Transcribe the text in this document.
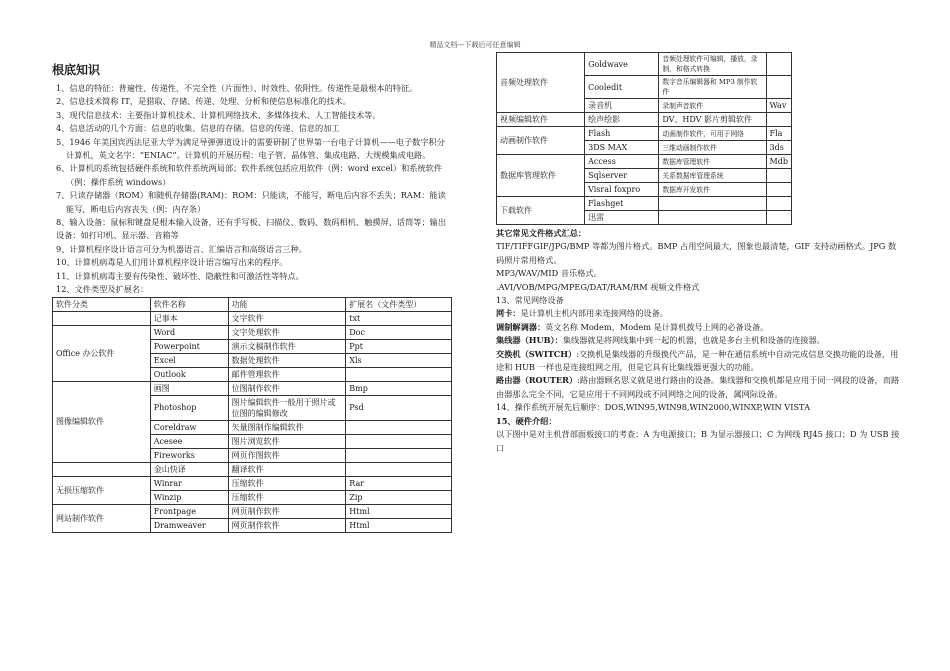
精品文档---下载后可任意编辑
根底知识
1、信息的特征：普遍性、传递性、不完全性（片面性）、时效性、依附性。传递性是最根本的特征。
2、信息技术简称 IT，是猎取、存储、传递、处理、分析和使信息标准化的技术。
3、现代信息技术：主要指计算机技术、计算机网络技术、多媒体技术、人工智能技术等。
4、信息活动的几个方面：信息的收集、信息的存储、信息的传递、信息的加工
5、1946 年美国宾西法尼亚大学为满足导弹弹道设计的需要研制了世界第一台电子计算机——电子数字积分计算机，英文名字：“ENIAC”。计算机的开展历程：电子管、晶体管、集成电路、大规模集成电路。
6、计算机的系统包括硬件系统和软件系统两局部；软件系统包括应用软件（例：word excel）和系统软件（例：操作系统 windows）
7、只读存储器（ROM）和随机存储器(RAM)：ROM：只能读，不能写，断电后内容不丢失；RAM：能读能写，断电后内容丧失（例：内存条）
8、输入设备：鼠标和键盘是根本输入设备，还有手写板、扫描仪、数码、数码相机、触摸屏、话筒等；输出设备：如打印机、显示器、音箱等
9、计算机程序设计语言可分为机器语言、汇编语言和高级语言三种。
10、计算机病毒是人们用计算机程序设计语言编写出来的程序。
11、计算机病毒主要有传染性、破坏性、隐蔽性和可激活性等特点。
12、文件类型及扩展名：
软件分类	软件名称	功能	扩展名（文件类型）
	记事本	文字软件	txt
Office 办公软件	Word	文字处理软件	Doc
	Powerpoint	演示文稿制作软件	Ppt
	Excel	数据处理软件	Xls
	Outlook	邮件管理软件	
图像编辑软件	画图	位图制作软件	Bmp
	Photoshop	图片编辑软件一般用于照片或位图的编辑修改	Psd
	Coreldraw	矢量图制作编辑软件	
	Acesee	图片浏览软件	
	Fireworks	网页作图软件	
	金山快译	翻译软件	
无损压缩软件	Winrar	压缩软件	Rar
	Winzip	压缩软件	Zip
网站制作软件	Frontpage	网页制作软件	Html
	Dramweaver	网页制作软件	Html
音频处理软件	Goldwave	音频处理软件可编辑，播放，录制，和格式转换	
	Cooledit	数字音乐编辑器和 MP3 制作软件	
	录音机	录制声音软件	Wav
视频编辑软件	绘声绘影	DV、HDV 影片剪辑软件	
动画制作软件	Flash	动画制作软件，可用于网络	Fla
	3DS MAX	三维动画制作软件	3ds
数据库管理软件	Access	数据库管理软件	Mdb
	Sqlserver	关系数据库管理系统	
	Visral foxpro	数据库开发软件	
下载软件	Flashget		
	迅雷		
其它常见文件格式汇总：
TIF/TIFFGIF/JPG/BMP 等都为图片格式。BMP 占用空间最大，图象也最清楚，GIF 支持动画格式。JPG 数码照片常用格式。
MP3/WAV/MID 音乐格式。
.AVI/VOB/MPG/MPEG/DAT/RAM/RM 视频文件格式
13、常见网络设备
网卡：是计算机主机内部用来连接网络的设备。
调制解调器：英文名称 Modem，Modem 是计算机拨号上网的必备设备。
集线器（HUB）：集线器就是将网线集中到一起的机器，也就是多台主机和设备的连接器。
交换机（SWITCH）:交换机是集线器的升级换代产品，是一种在通信系统中自动完成信息交换功能的设备，用途和 HUB 一样也是连接组网之用，但是它具有比集线器更强大的功能。
路由器（ROUTER）:路由器顾名思义就是进行路由的设备。集线器和交换机都是应用于同一网段的设备，而路由器那么完全不同，它是应用于不同网段或不同网络之间的设备，属网际设备。
14、操作系统开展先后顺序：DOS,WIN95,WIN98,WIN2000,WINXP,WIN VISTA
15、硬件介绍：
以下图中是对主机背部面板接口的考查：A 为电源接口；B 为显示器接口；C 为网线 RJ45 接口；D 为 USB 接口
